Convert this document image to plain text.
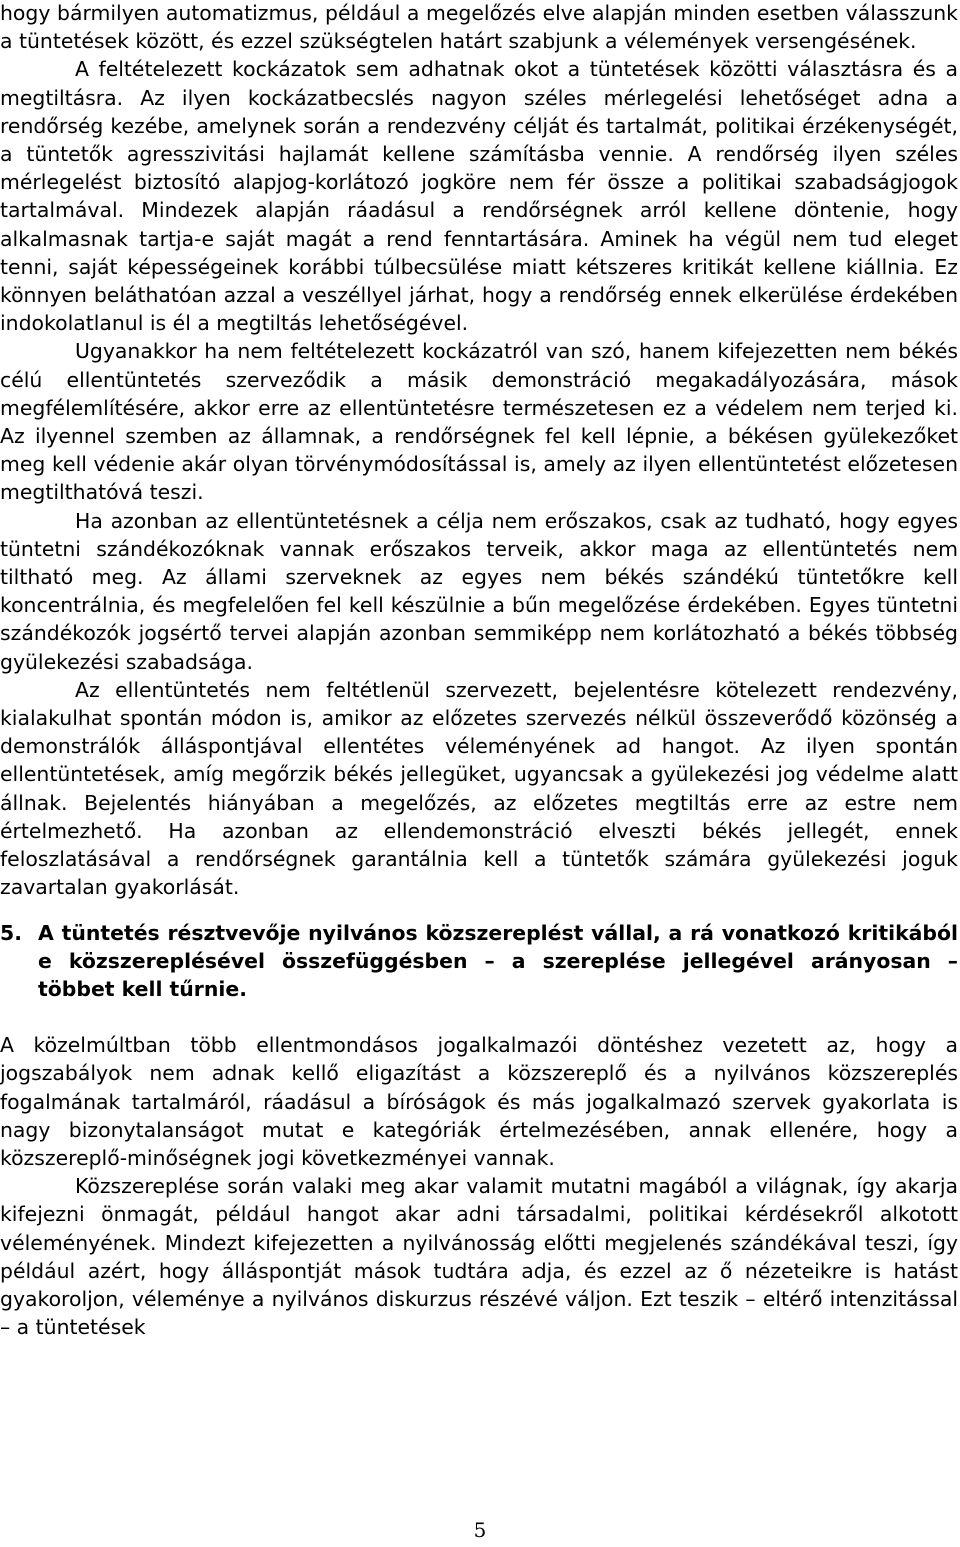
hogy bármilyen automatizmus, például a megelőzés elve alapján minden esetben válasszunk a tüntetések között, és ezzel szükségtelen határt szabjunk a vélemények versengésének.

A feltételezett kockázatok sem adhatnak okot a tüntetések közötti választásra és a megtiltásra. Az ilyen kockázatbecslés nagyon széles mérlegelési lehetőséget adna a rendőrség kezébe, amelynek során a rendezvény célját és tartalmát, politikai érzékenységét, a tüntetők agresszivitási hajlamát kellene számításba vennie. A rendőrség ilyen széles mérlegelést biztosító alapjog-korlátozó jogköre nem fér össze a politikai szabadságjogok tartalmával. Mindezek alapján ráadásul a rendőrségnek arról kellene döntenie, hogy alkalmasnak tartja-e saját magát a rend fenntartására. Aminek ha végül nem tud eleget tenni, saját képességeinek korábbi túlbecsülése miatt kétszeres kritikát kellene kiállnia. Ez könnyen beláthatóan azzal a veszéllyel járhat, hogy a rendőrség ennek elkerülése érdekében indokolatlanul is él a megtiltás lehetőségével.

Ugyanakkor ha nem feltételezett kockázatról van szó, hanem kifejezetten nem békés célú ellentüntetés szerveződik a másik demonstráció megakadályozására, mások megfélemlítésére, akkor erre az ellentüntetésre természetesen ez a védelem nem terjed ki. Az ilyennel szemben az államnak, a rendőrségnek fel kell lépnie, a békésen gyülekezőket meg kell védenie akár olyan törvénymódosítással is, amely az ilyen ellentüntetést előzetesen megtilthatóvá teszi.

Ha azonban az ellentüntetésnek a célja nem erőszakos, csak az tudható, hogy egyes tüntetni szándékozóknak vannak erőszakos terveik, akkor maga az ellentüntetés nem tiltható meg. Az állami szerveknek az egyes nem békés szándékú tüntetőkre kell koncentrálnia, és megfelelően fel kell készülnie a bűn megelőzése érdekében. Egyes tüntetni szándékozók jogsértő tervei alapján azonban semmiképp nem korlátozható a békés többség gyülekezési szabadsága.

Az ellentüntetés nem feltétlenül szervezett, bejelentésre kötelezett rendezvény, kialakulhat spontán módon is, amikor az előzetes szervezés nélkül összeverődő közönség a demonstrálók álláspontjával ellentétes véleményének ad hangot. Az ilyen spontán ellentüntetések, amíg megőrzik békés jellegüket, ugyancsak a gyülekezési jog védelme alatt állnak. Bejelentés hiányában a megelőzés, az előzetes megtiltás erre az estre nem értelmezhető. Ha azonban az ellendemonstráció elveszti békés jellegét, ennek feloszlatásával a rendőrségnek garantálnia kell a tüntetők számára gyülekezési joguk zavartalan gyakorlását.

5. A tüntetés résztvevője nyilvános közszereplést vállal, a rá vonatkozó kritikából e közszereplésével összefüggésben – a szereplése jellegével arányosan – többet kell tűrnie.

A közelmúltban több ellentmondásos jogalkalmazói döntéshez vezetett az, hogy a jogszabályok nem adnak kellő eligazítást a közszereplő és a nyilvános közszereplés fogalmának tartalmáról, ráadásul a bíróságok és más jogalkalmazó szervek gyakorlata is nagy bizonytalanságot mutat e kategóriák értelmezésében, annak ellenére, hogy a közszereplő-minőségnek jogi következményei vannak.

Közszereplése során valaki meg akar valamit mutatni magából a világnak, így akarja kifejezni önmagát, például hangot akar adni társadalmi, politikai kérdésekről alkotott véleményének. Mindezt kifejezetten a nyilvánosság előtti megjelenés szándékával teszi, így például azért, hogy álláspontját mások tudtára adja, és ezzel az ő nézeteikre is hatást gyakoroljon, véleménye a nyilvános diskurzus részévé váljon. Ezt teszik – eltérő intenzitással – a tüntetések

5
